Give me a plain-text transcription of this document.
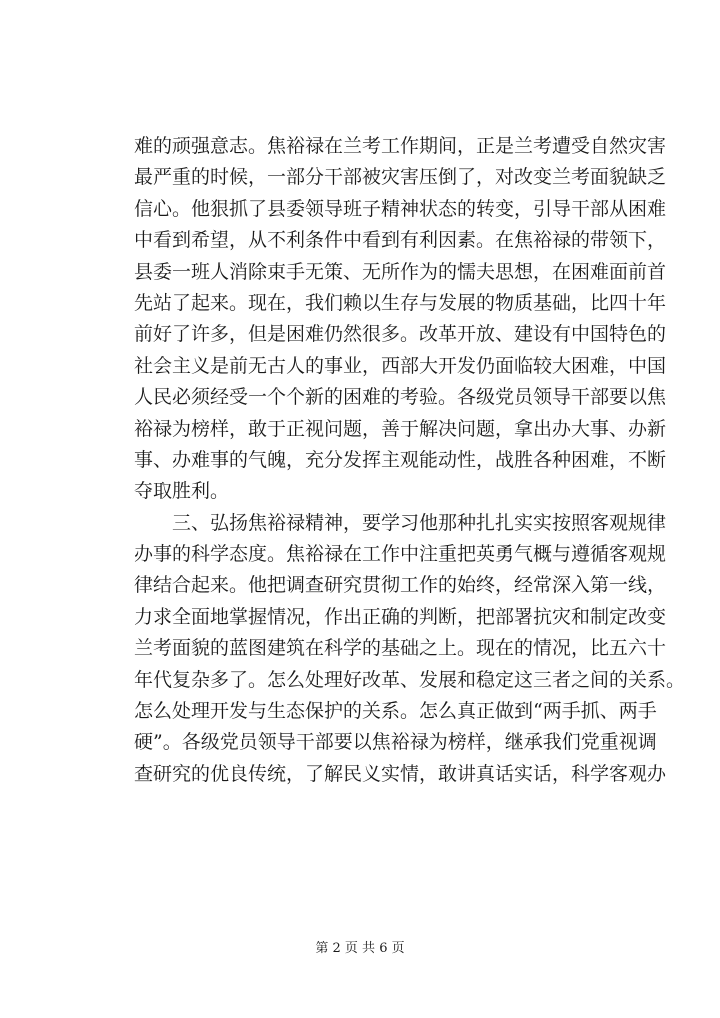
难的顽强意志。焦裕禄在兰考工作期间，正是兰考遭受自然灾害
最严重的时候，一部分干部被灾害压倒了，对改变兰考面貌缺乏
信心。他狠抓了县委领导班子精神状态的转变，引导干部从困难
中看到希望，从不利条件中看到有利因素。在焦裕禄的带领下，
县委一班人消除束手无策、无所作为的懦夫思想，在困难面前首
先站了起来。现在，我们赖以生存与发展的物质基础，比四十年
前好了许多，但是困难仍然很多。改革开放、建设有中国特色的
社会主义是前无古人的事业，西部大开发仍面临较大困难，中国
人民必须经受一个个新的困难的考验。各级党员领导干部要以焦
裕禄为榜样，敢于正视问题，善于解决问题，拿出办大事、办新
事、办难事的气魄，充分发挥主观能动性，战胜各种困难，不断
夺取胜利。
三、弘扬焦裕禄精神，要学习他那种扎扎实实按照客观规律
办事的科学态度。焦裕禄在工作中注重把英勇气概与遵循客观规
律结合起来。他把调查研究贯彻工作的始终，经常深入第一线，
力求全面地掌握情况，作出正确的判断，把部署抗灾和制定改变
兰考面貌的蓝图建筑在科学的基础之上。现在的情况，比五六十
年代复杂多了。怎么处理好改革、发展和稳定这三者之间的关系。
怎么处理开发与生态保护的关系。怎么真正做到“两手抓、两手
硬”。各级党员领导干部要以焦裕禄为榜样，继承我们党重视调
查研究的优良传统，了解民义实情，敢讲真话实话，科学客观办
第 2 页 共 6 页
